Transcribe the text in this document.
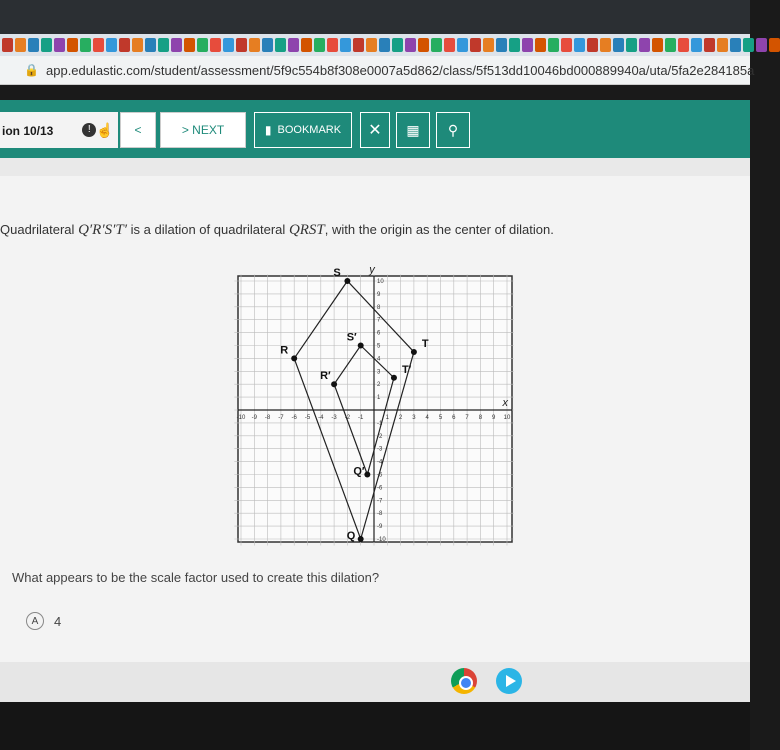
🔒 app.edulastic.com/student/assessment/5f9c554b8f308e0007a5d862/class/5f513dd10046bd000889940a/uta/5fa2e284185a
ion 10/13	! ☝	<	> NEXT	▮ BOOKMARK ✕ ▦ ⚲
Quadrilateral Q′R′S′T′ is a dilation of quadrilateral QRST, with the origin as the center of dilation.
x
y
-10 -9 -8 -7 -6 -5 -4 -3 -2 -1	1 2 3 4 5 6 7 8 9 10
10
9
8
7
6
5
4
3
2
1
-1
-2
-3
-4
-5
-6
-7
-8
-9
-10
Q
R
S
T
Q′
R′
S′
T′
What appears to be the scale factor used to create this dilation?
A	4
